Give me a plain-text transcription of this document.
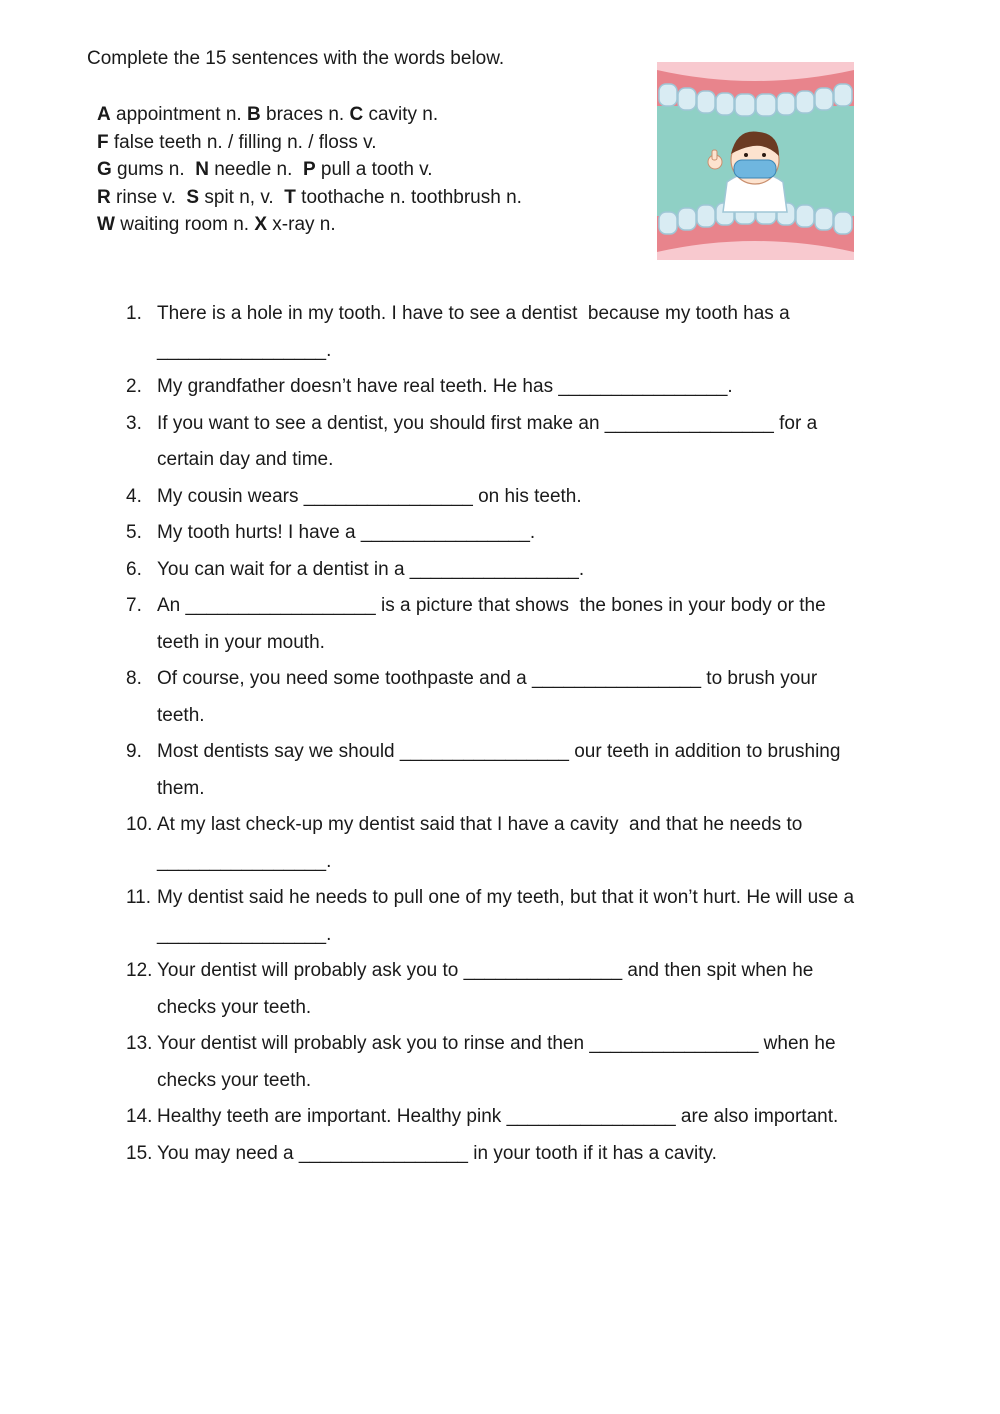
Complete the 15 sentences with the words below.
A appointment n. B braces n. C cavity n.
F false teeth n. / filling n. / floss v.
G gums n.  N needle n.  P pull a tooth v.
R rinse v.  S spit n, v.  T toothache n. toothbrush n.
W waiting room n. X x-ray n.
1. There is a hole in my tooth. I have to see a dentist  because my tooth has a
________________.
2. My grandfather doesn’t have real teeth. He has ________________.
3. If you want to see a dentist, you should first make an ________________ for a
certain day and time.
4. My cousin wears ________________ on his teeth.
5. My tooth hurts! I have a ________________.
6. You can wait for a dentist in a ________________.
7. An __________________ is a picture that shows  the bones in your body or the
teeth in your mouth.
8. Of course, you need some toothpaste and a ________________ to brush your
teeth.
9. Most dentists say we should ________________ our teeth in addition to brushing
them.
10. At my last check-up my dentist said that I have a cavity  and that he needs to
________________.
11. My dentist said he needs to pull one of my teeth, but that it won’t hurt. He will use a
________________.
12. Your dentist will probably ask you to _______________ and then spit when he
checks your teeth.
13. Your dentist will probably ask you to rinse and then ________________ when he
checks your teeth.
14. Healthy teeth are important. Healthy pink ________________ are also important.
15. You may need a ________________ in your tooth if it has a cavity.
